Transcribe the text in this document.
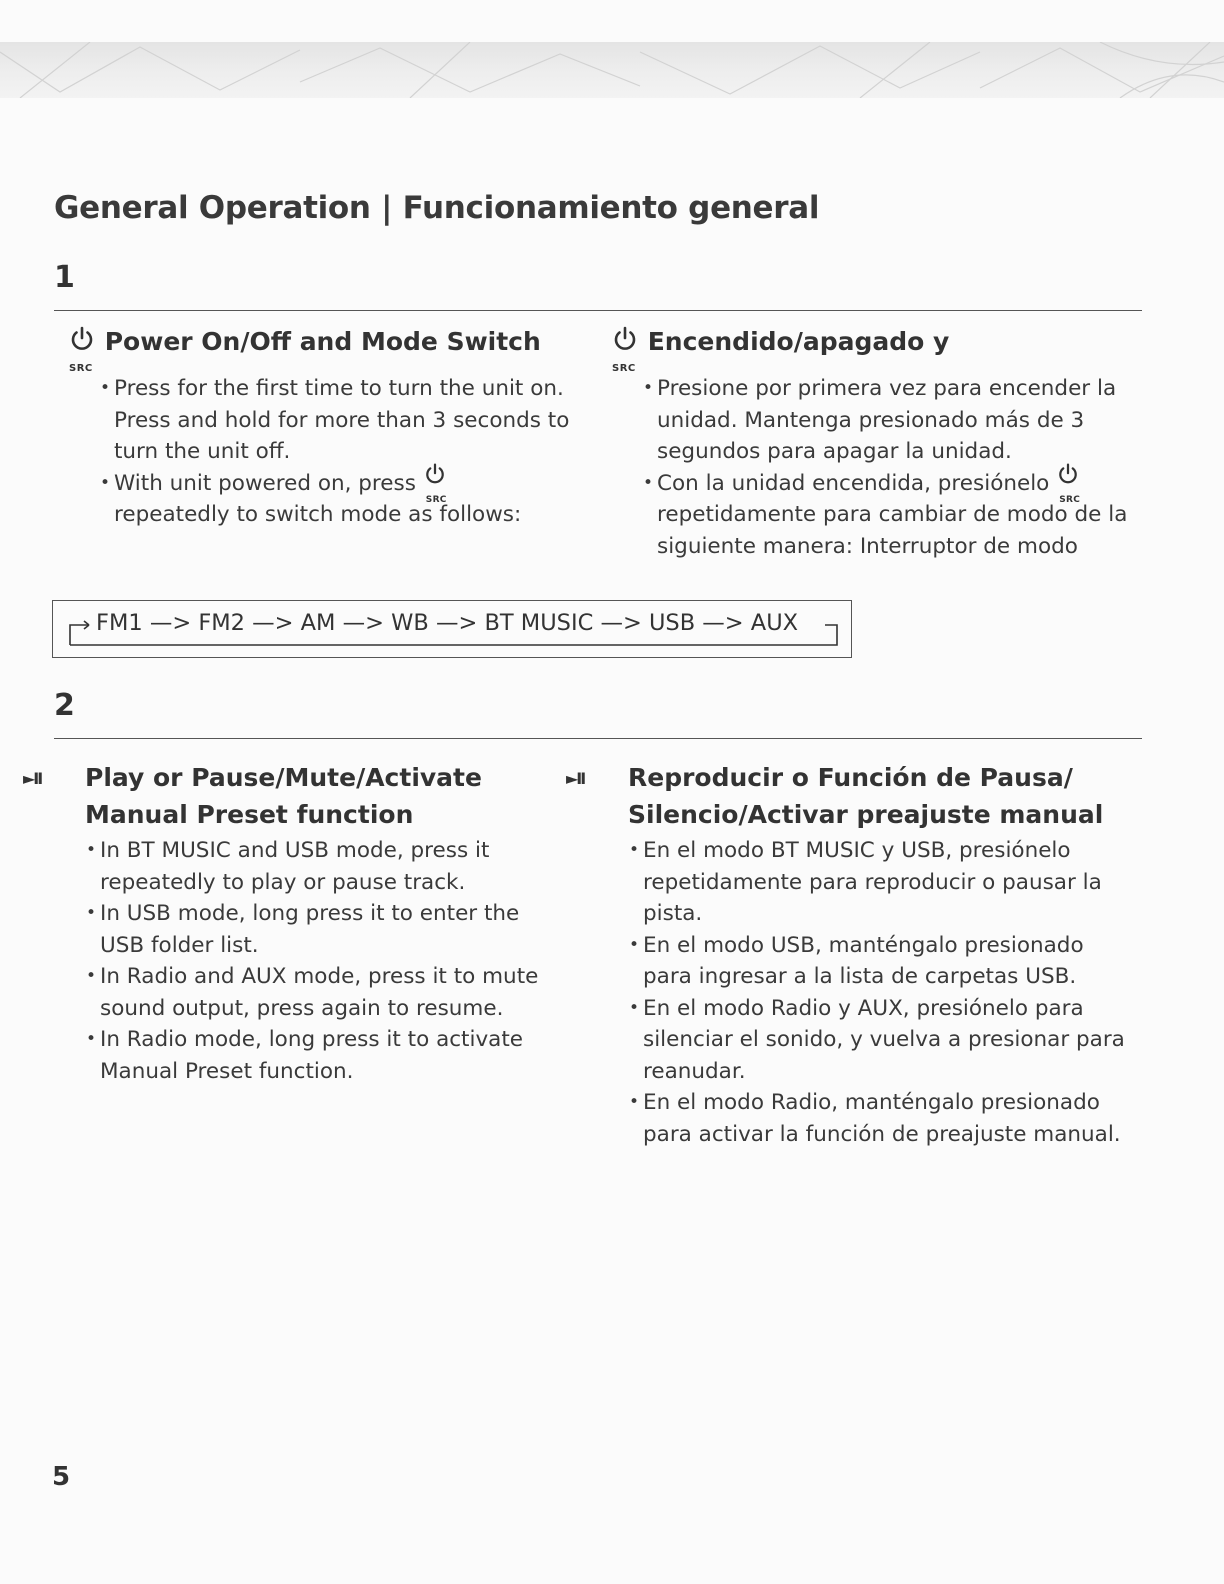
General Operation | Funcionamiento general
1
SRC
Power On/Off and Mode Switch
• Press for the first time to turn the unit on. Press and hold for more than 3 seconds to turn the unit off.
• With unit powered on, press
SRC

repeatedly to switch mode as follows:
SRC
Encendido/apagado y
• Presione por primera vez para encender la unidad. Mantenga presionado más de 3 segundos para apagar la unidad.
• Con la unidad encendida, presiónelo
SRC
repetidamente para cambiar de modo de la siguiente manera: Interruptor de modo
FM1 —> FM2 —> AM —> WB —> BT MUSIC —> USB —> AUX
2
►II Play or Pause/Mute/Activate Manual Preset function
• In BT MUSIC and USB mode, press it repeatedly to play or pause track.
• In USB mode, long press it to enter the USB folder list.
• In Radio and AUX mode, press it to mute sound output, press again to resume.
• In Radio mode, long press it to activate Manual Preset function.
►II Reproducir o Función de Pausa/ Silencio/Activar preajuste manual
• En el modo BT MUSIC y USB, presiónelo repetidamente para reproducir o pausar la pista.
• En el modo USB, manténgalo presionado para ingresar a la lista de carpetas USB.
• En el modo Radio y AUX, presiónelo para silenciar el sonido, y vuelva a presionar para reanudar.
• En el modo Radio, manténgalo presionado para activar la función de preajuste manual.
5
